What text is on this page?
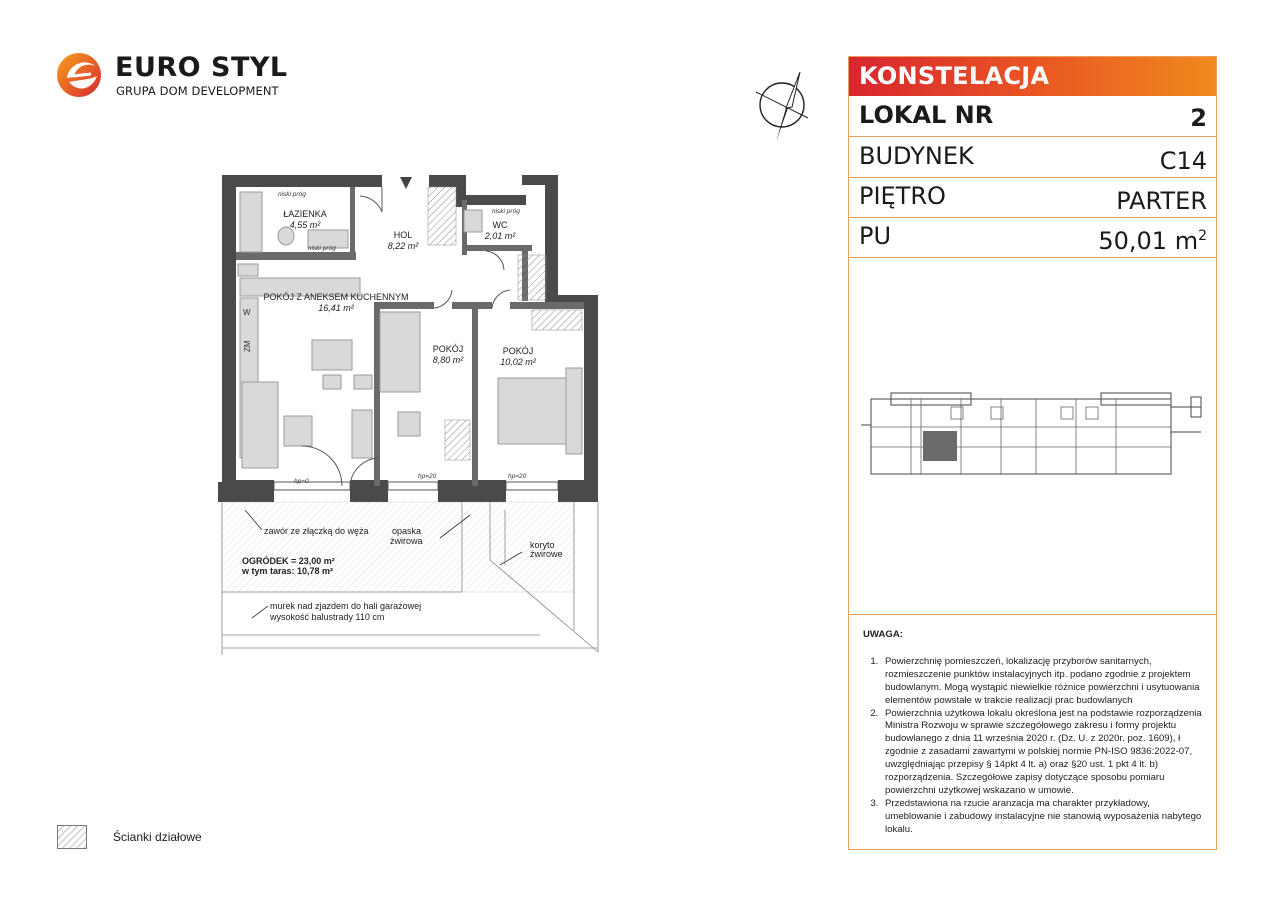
EURO STYL
GRUPA DOM DEVELOPMENT
ŁAZIENKA
4,55 m²
HOL
8,22 m²
WC
2,01 m²
POKÓJ Z ANEKSEM KUCHENNYM
16,41 m²
POKÓJ
8,80 m²
POKÓJ
10,02 m²
niski próg
niski próg
niski próg
hp=0
hp=20	hp=20
W
ZM
zawór ze złączką do węża	opaska
żwirowa	koryto
żwirowe
OGRÓDEK = 23,00 m²
w tym taras: 10,78 m²
murek nad zjazdem do hali garażowej
wysokość balustrady 110 cm
Ścianki działowe
KONSTELACJA
LOKAL NR	2
BUDYNEK	C14
PIĘTRO	PARTER
PU	50,01 $m^2$
UWAGA:
1. Powierzchnię pomieszczeń, lokalizację przyborów sanitarnych, rozmieszczenie punktów instalacyjnych itp. podano zgodnie z projektem budowlanym. Mogą wystąpić niewielkie różnice powierzchni i usytuowania elementów powstałe w trakcie realizacji prac budowlanych
2. Powierzchnia użytkowa lokalu określona jest na podstawie rozporządzenia Ministra Rozwoju w sprawie szczegółowego zakresu i formy projektu budowlanego z dnia 11 września 2020 r. (Dz. U. z 2020r. poz. 1609), ł zgodnie z zasadami zawartymi w polskiej normie PN-ISO 9836:2022-07, uwzględniając przepisy § 14pkt 4 lt. a) oraz §20 ust. 1 pkt 4 lt. b) rozporządzenia. Szczegółowe zapisy dotyczące sposobu pomiaru powierzchni użytkowej wskazano w umowie.
3. Przedstawiona na rzucie aranzacja ma charakter przykładowy, umeblowanie i zabudowy instalacyjne nie stanowią wyposażenia nabytego lokalu.
